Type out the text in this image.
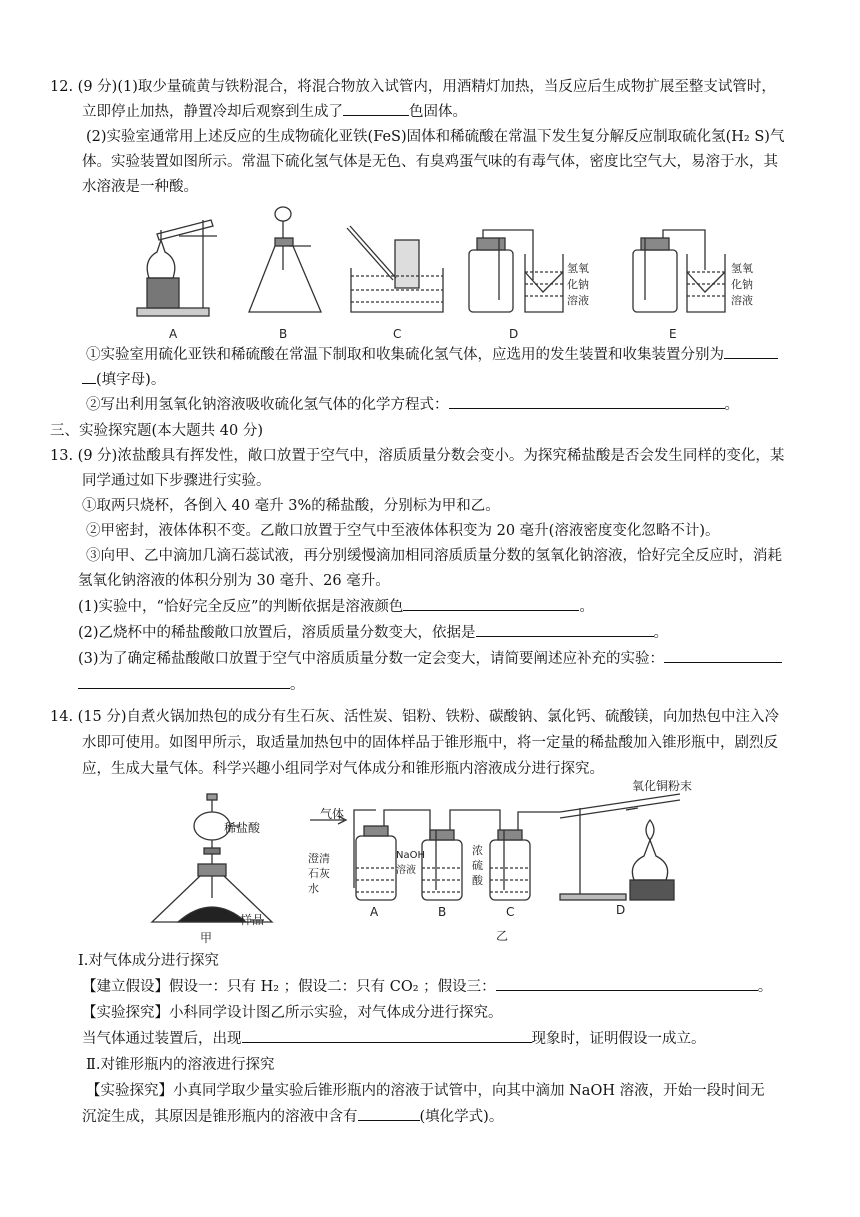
12. (9 分)(1)取少量硫黄与铁粉混合，将混合物放入试管内，用酒精灯加热，当反应后生成物扩展至整支试管时，
立即停止加热，静置冷却后观察到生成了	色固体。
(2)实验室通常用上述反应的生成物硫化亚铁(FeS)固体和稀硫酸在常温下发生复分解反应制取硫化氢(H₂ S)气
体。实验装置如图所示。常温下硫化氢气体是无色、有臭鸡蛋气味的有毒气体，密度比空气大，易溶于水，其
水溶液是一种酸。
A	B	C	D	E
氢氧
化钠
溶液
氢氧
化钠
溶液
①实验室用硫化亚铁和稀硫酸在常温下制取和收集硫化氢气体，应选用的发生装置和收集装置分别为
(填字母)。
②写出利用氢氧化钠溶液吸收硫化氢气体的化学方程式：	。
三、实验探究题(本大题共 40 分)
13. (9 分)浓盐酸具有挥发性，敞口放置于空气中，溶质质量分数会变小。为探究稀盐酸是否会发生同样的变化，某
同学通过如下步骤进行实验。
①取两只烧杯，各倒入 40 毫升 3%的稀盐酸，分别标为甲和乙。
②甲密封，液体体积不变。乙敞口放置于空气中至液体体积变为 20 毫升(溶液密度变化忽略不计)。
③向甲、乙中滴加几滴石蕊试液，再分别缓慢滴加相同溶质质量分数的氢氧化钠溶液，恰好完全反应时，消耗
氢氧化钠溶液的体积分别为 30 毫升、26 毫升。
(1)实验中，“恰好完全反应”的判断依据是溶液颜色	。
(2)乙烧杯中的稀盐酸敞口放置后，溶质质量分数变大，依据是	。
(3)为了确定稀盐酸敞口放置于空气中溶质质量分数一定会变大，请简要阐述应补充的实验：
。
14. (15 分)自煮火锅加热包的成分有生石灰、活性炭、铝粉、铁粉、碳酸钠、氯化钙、硫酸镁，向加热包中注入冷
水即可使用。如图甲所示，取适量加热包中的固体样品于锥形瓶中，将一定量的稀盐酸加入锥形瓶中，剧烈反
应，生成大量气体。科学兴趣小组同学对气体成分和锥形瓶内溶液成分进行探究。
稀盐酸
样品
甲
气体
氧化铜粉末
澄清
石灰
水
NaOH
溶液
浓
硫
酸
A	B	C	D
乙
Ⅰ.对气体成分进行探究
【建立假设】假设一：只有 H₂ ；假设二：只有 CO₂ ；假设三：	。
【实验探究】小科同学设计图乙所示实验，对气体成分进行探究。
当气体通过装置后，出现	现象时，证明假设一成立。
Ⅱ.对锥形瓶内的溶液进行探究
【实验探究】小真同学取少量实验后锥形瓶内的溶液于试管中，向其中滴加 NaOH 溶液，开始一段时间无
沉淀生成，其原因是锥形瓶内的溶液中含有	(填化学式)。
